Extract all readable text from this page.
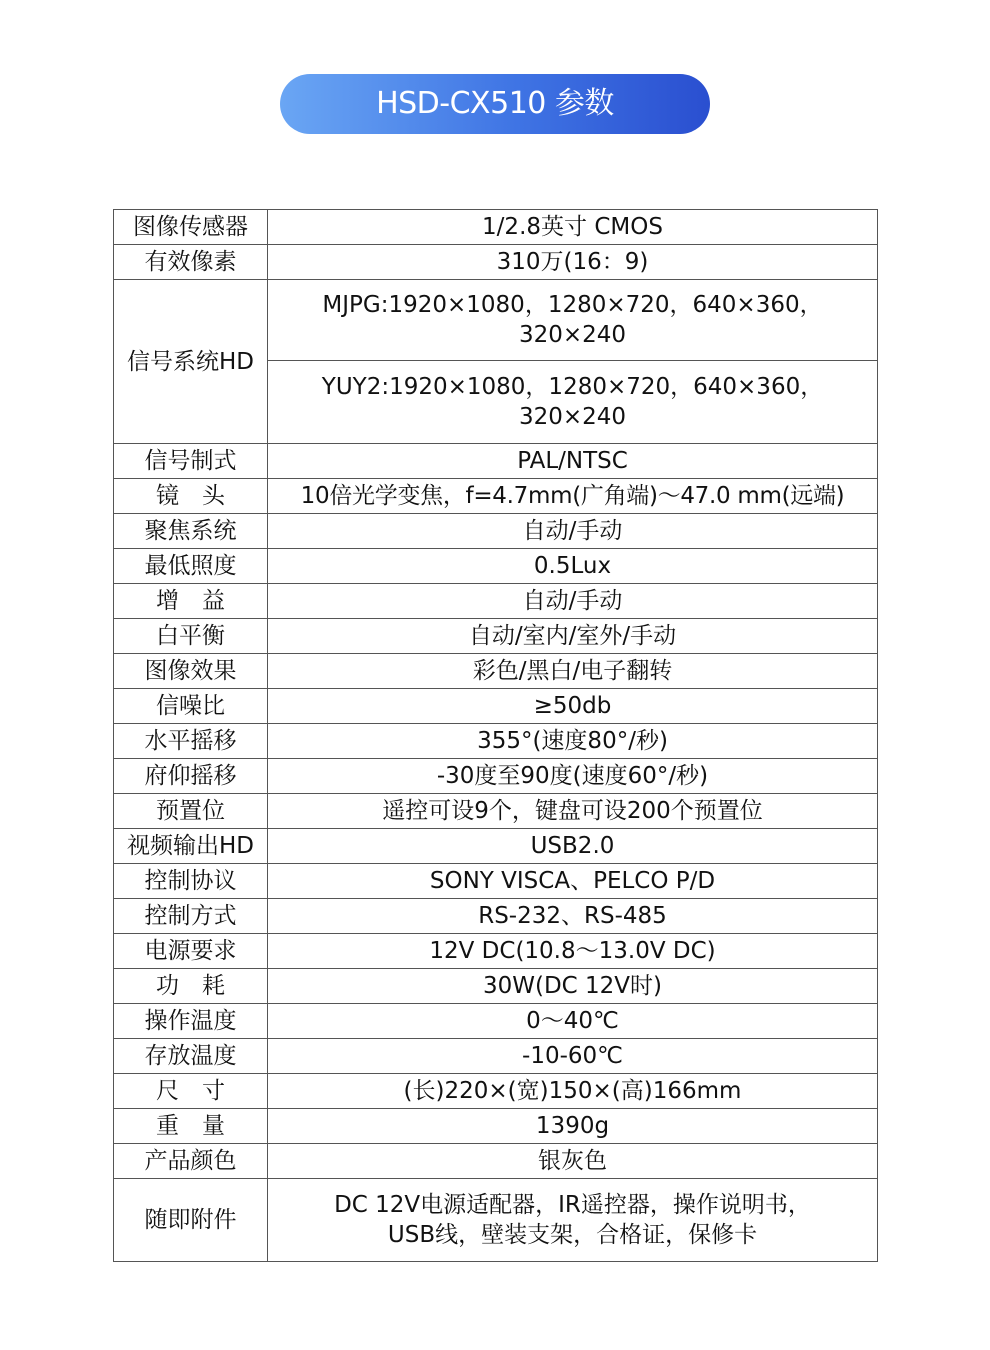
HSD-CX510 参数
图像传感器	1/2.8英寸 CMOS
有效像素	310万(16：9)
信号系统HD	MJPG:1920×1080，1280×720，640×360，
320×240

	YUY2:1920×1080，1280×720，640×360，
320×240

信号制式	PAL/NTSC
镜　头	10倍光学变焦，f=4.7mm(广角端)～47.0 mm(远端)
聚焦系统	自动/手动
最低照度	0.5Lux
增　益	自动/手动
白平衡	自动/室内/室外/手动
图像效果	彩色/黑白/电子翻转
信噪比	≥50db
水平摇移	355°(速度80°/秒)
府仰摇移	-30度至90度(速度60°/秒)
预置位	遥控可设9个，键盘可设200个预置位
视频输出HD	USB2.0
控制协议	SONY VISCA、PELCO P/D
控制方式	RS-232、RS-485
电源要求	12V DC(10.8～13.0V DC)
功　耗	30W(DC 12V时)
操作温度	0～40℃
存放温度	-10-60℃
尺　寸	(长)220×(宽)150×(高)166mm
重　量	1390g
产品颜色	银灰色
随即附件	DC 12V电源适配器，IR遥控器，操作说明书，
USB线，壁装支架，合格证，保修卡
